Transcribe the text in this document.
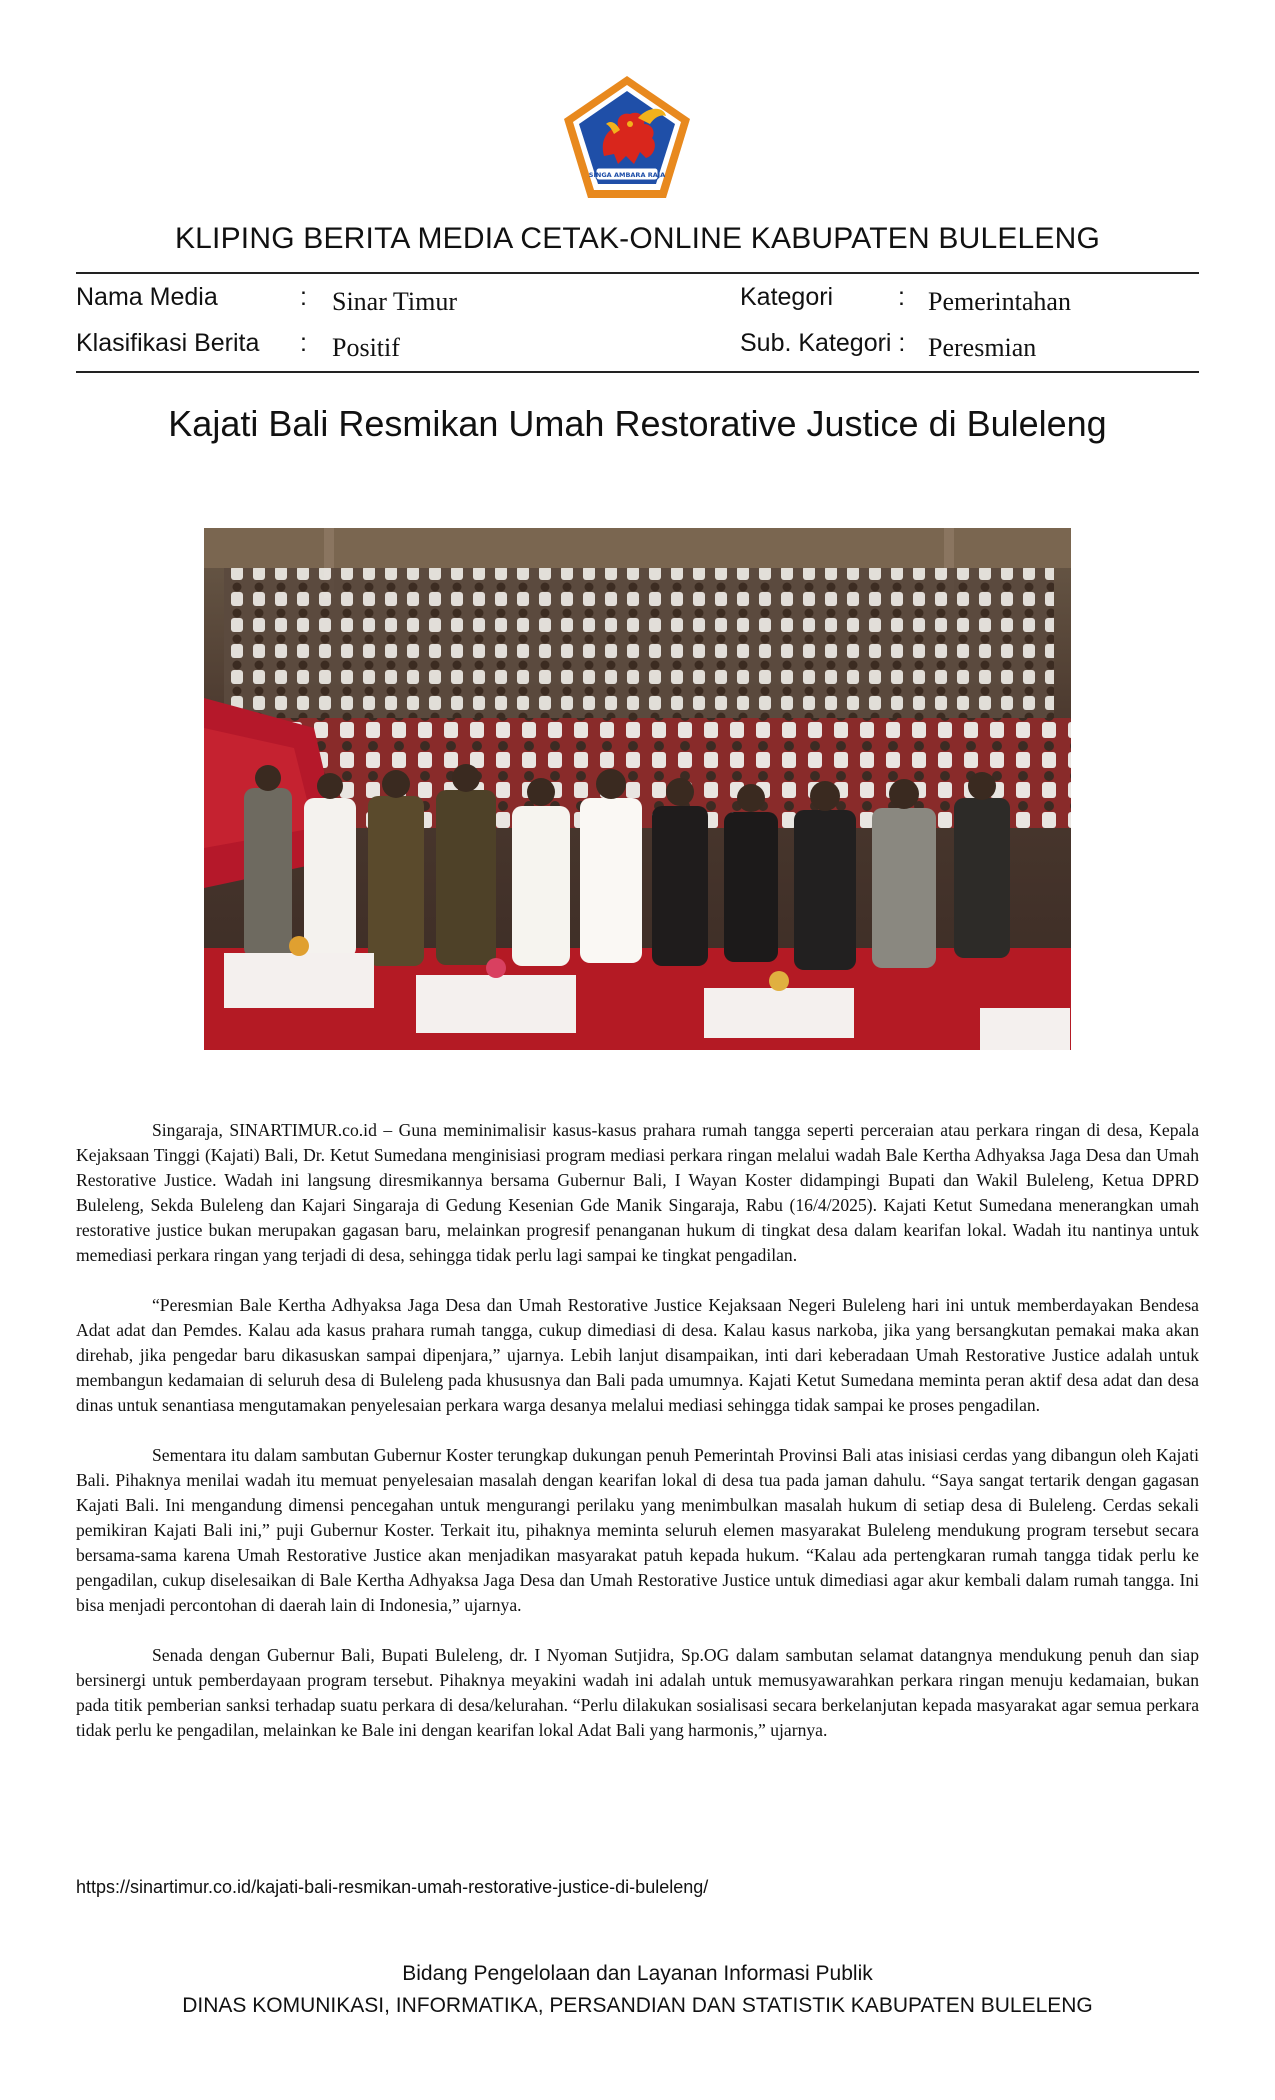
SINGA AMBARA RAJA
KLIPING BERITA MEDIA CETAK-ONLINE KABUPATEN BULELENG
Nama Media	: Sinar Timur	Kategori	: Pemerintahan
Klasifikasi Berita : Positif	Sub. Kategori : Peresmian
Kajati Bali Resmikan Umah Restorative Justice di Buleleng

Singaraja, SINARTIMUR.co.id – Guna meminimalisir kasus-kasus prahara rumah tangga seperti perceraian atau perkara ringan di desa, Kepala Kejaksaan Tinggi (Kajati) Bali, Dr. Ketut Sumedana menginisiasi program mediasi perkara ringan melalui wadah Bale Kertha Adhyaksa Jaga Desa dan Umah Restorative Justice. Wadah ini langsung diresmikannya bersama Gubernur Bali, I Wayan Koster didampingi Bupati dan Wakil Buleleng, Ketua DPRD Buleleng, Sekda Buleleng dan Kajari Singaraja di Gedung Kesenian Gde Manik Singaraja, Rabu (16/4/2025). Kajati Ketut Sumedana menerangkan umah restorative justice bukan merupakan gagasan baru, melainkan progresif penanganan hukum di tingkat desa dalam kearifan lokal. Wadah itu nantinya untuk memediasi perkara ringan yang terjadi di desa, sehingga tidak perlu lagi sampai ke tingkat pengadilan.

“Peresmian Bale Kertha Adhyaksa Jaga Desa dan Umah Restorative Justice Kejaksaan Negeri Buleleng hari ini untuk memberdayakan Bendesa Adat adat dan Pemdes. Kalau ada kasus prahara rumah tangga, cukup dimediasi di desa. Kalau kasus narkoba, jika yang bersangkutan pemakai maka akan direhab, jika pengedar baru dikasuskan sampai dipenjara,” ujarnya. Lebih lanjut disampaikan, inti dari keberadaan Umah Restorative Justice adalah untuk membangun kedamaian di seluruh desa di Buleleng pada khususnya dan Bali pada umumnya. Kajati Ketut Sumedana meminta peran aktif desa adat dan desa dinas untuk senantiasa mengutamakan penyelesaian perkara warga desanya melalui mediasi sehingga tidak sampai ke proses pengadilan.

Sementara itu dalam sambutan Gubernur Koster terungkap dukungan penuh Pemerintah Provinsi Bali atas inisiasi cerdas yang dibangun oleh Kajati Bali. Pihaknya menilai wadah itu memuat penyelesaian masalah dengan kearifan lokal di desa tua pada jaman dahulu. “Saya sangat tertarik dengan gagasan Kajati Bali. Ini mengandung dimensi pencegahan untuk mengurangi perilaku yang menimbulkan masalah hukum di setiap desa di Buleleng. Cerdas sekali pemikiran Kajati Bali ini,” puji Gubernur Koster. Terkait itu, pihaknya meminta seluruh elemen masyarakat Buleleng mendukung program tersebut secara bersama-sama karena Umah Restorative Justice akan menjadikan masyarakat patuh kepada hukum. “Kalau ada pertengkaran rumah tangga tidak perlu ke pengadilan, cukup diselesaikan di Bale Kertha Adhyaksa Jaga Desa dan Umah Restorative Justice untuk dimediasi agar akur kembali dalam rumah tangga. Ini bisa menjadi percontohan di daerah lain di Indonesia,” ujarnya.

Senada dengan Gubernur Bali, Bupati Buleleng, dr. I Nyoman Sutjidra, Sp.OG dalam sambutan selamat datangnya mendukung penuh dan siap bersinergi untuk pemberdayaan program tersebut. Pihaknya meyakini wadah ini adalah untuk memusyawarahkan perkara ringan menuju kedamaian, bukan pada titik pemberian sanksi terhadap suatu perkara di desa/kelurahan. “Perlu dilakukan sosialisasi secara berkelanjutan kepada masyarakat agar semua perkara tidak perlu ke pengadilan, melainkan ke Bale ini dengan kearifan lokal Adat Bali yang harmonis,” ujarnya.

https://sinartimur.co.id/kajati-bali-resmikan-umah-restorative-justice-di-buleleng/
Bidang Pengelolaan dan Layanan Informasi Publik
DINAS KOMUNIKASI, INFORMATIKA, PERSANDIAN DAN STATISTIK KABUPATEN BULELENG
